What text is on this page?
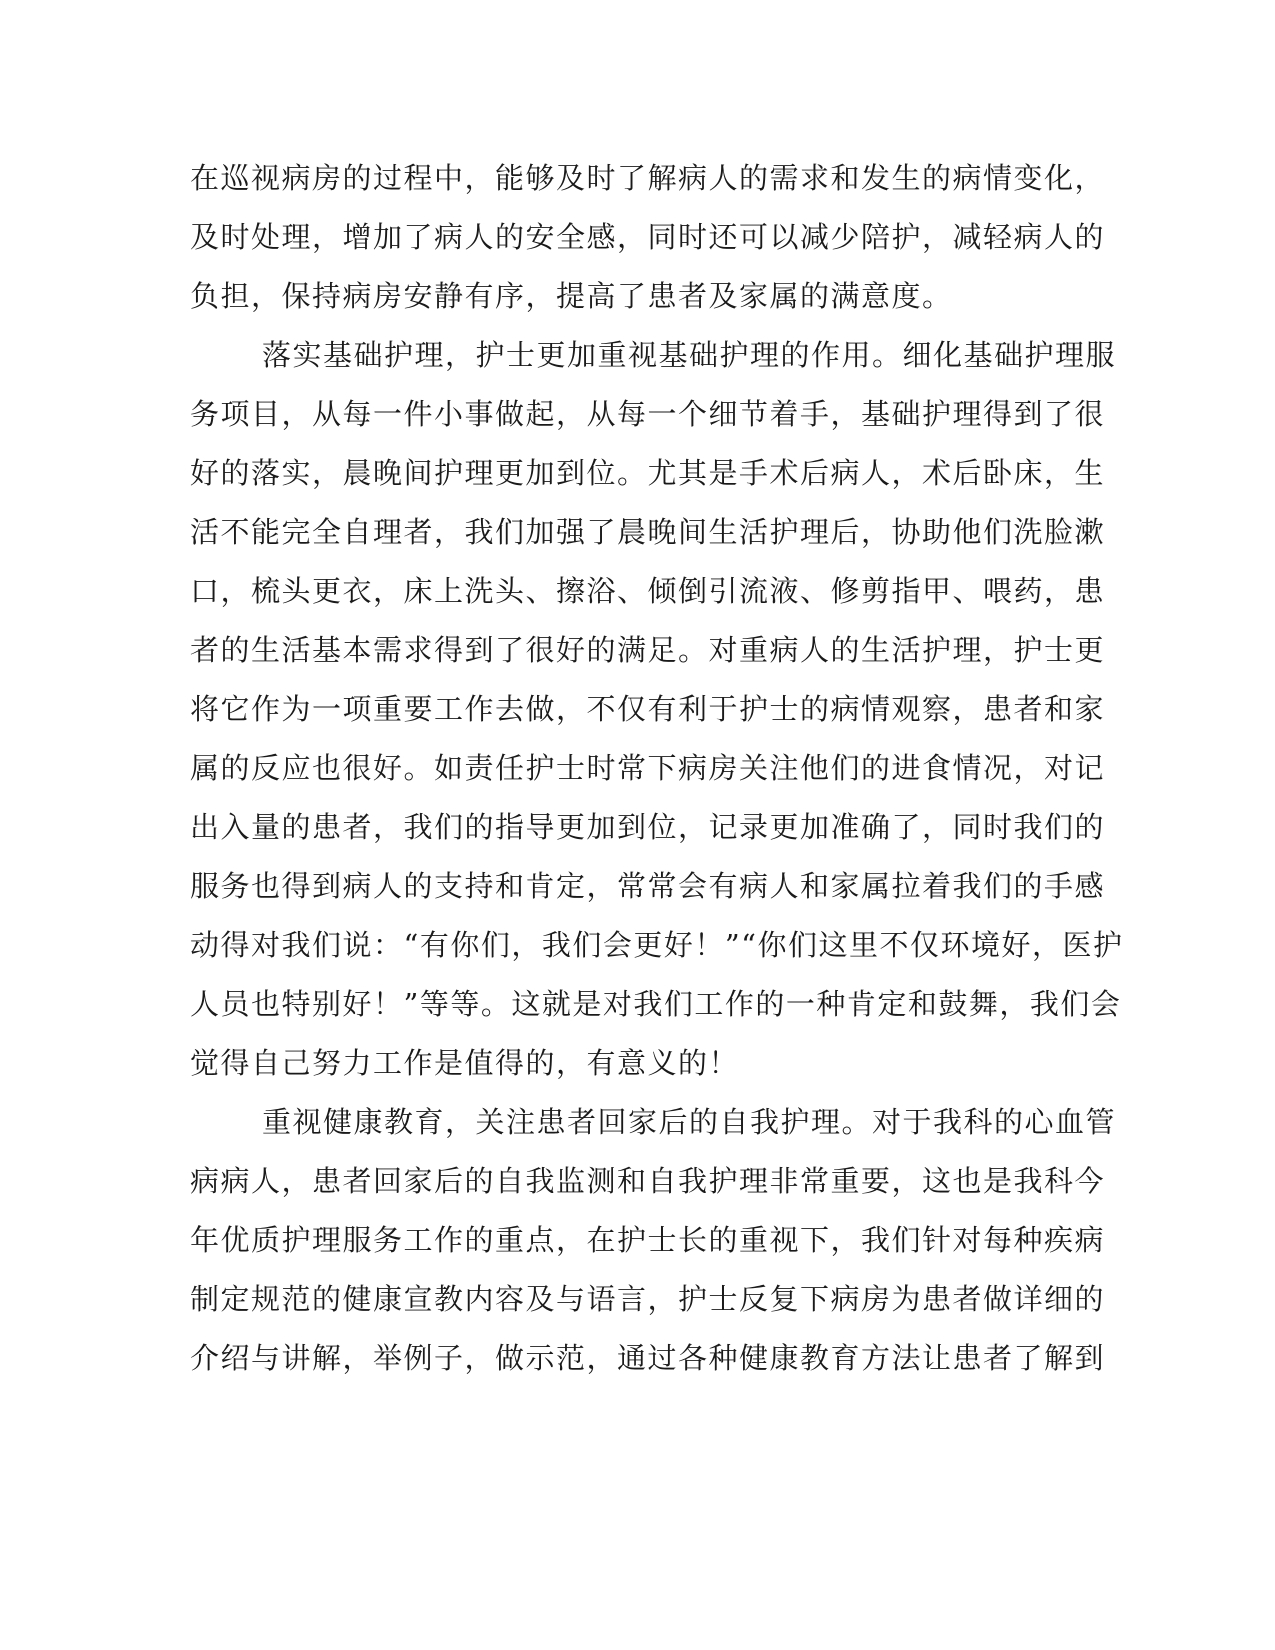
在巡视病房的过程中，能够及时了解病人的需求和发生的病情变化，
及时处理，增加了病人的安全感，同时还可以减少陪护，减轻病人的
负担，保持病房安静有序，提高了患者及家属的满意度。
落实基础护理，护士更加重视基础护理的作用。细化基础护理服
务项目，从每一件小事做起，从每一个细节着手，基础护理得到了很
好的落实，晨晚间护理更加到位。尤其是手术后病人，术后卧床，生
活不能完全自理者，我们加强了晨晚间生活护理后，协助他们洗脸漱
口，梳头更衣，床上洗头、擦浴、倾倒引流液、修剪指甲、喂药，患
者的生活基本需求得到了很好的满足。对重病人的生活护理，护士更
将它作为一项重要工作去做，不仅有利于护士的病情观察，患者和家
属的反应也很好。如责任护士时常下病房关注他们的进食情况，对记
出入量的患者，我们的指导更加到位，记录更加准确了，同时我们的
服务也得到病人的支持和肯定，常常会有病人和家属拉着我们的手感
动得对我们说：“有你们，我们会更好！”“你们这里不仅环境好，医护
人员也特别好！”等等。这就是对我们工作的一种肯定和鼓舞，我们会
觉得自己努力工作是值得的，有意义的！
重视健康教育，关注患者回家后的自我护理。对于我科的心血管
病病人，患者回家后的自我监测和自我护理非常重要，这也是我科今
年优质护理服务工作的重点，在护士长的重视下，我们针对每种疾病
制定规范的健康宣教内容及与语言，护士反复下病房为患者做详细的
介绍与讲解，举例子，做示范，通过各种健康教育方法让患者了解到
